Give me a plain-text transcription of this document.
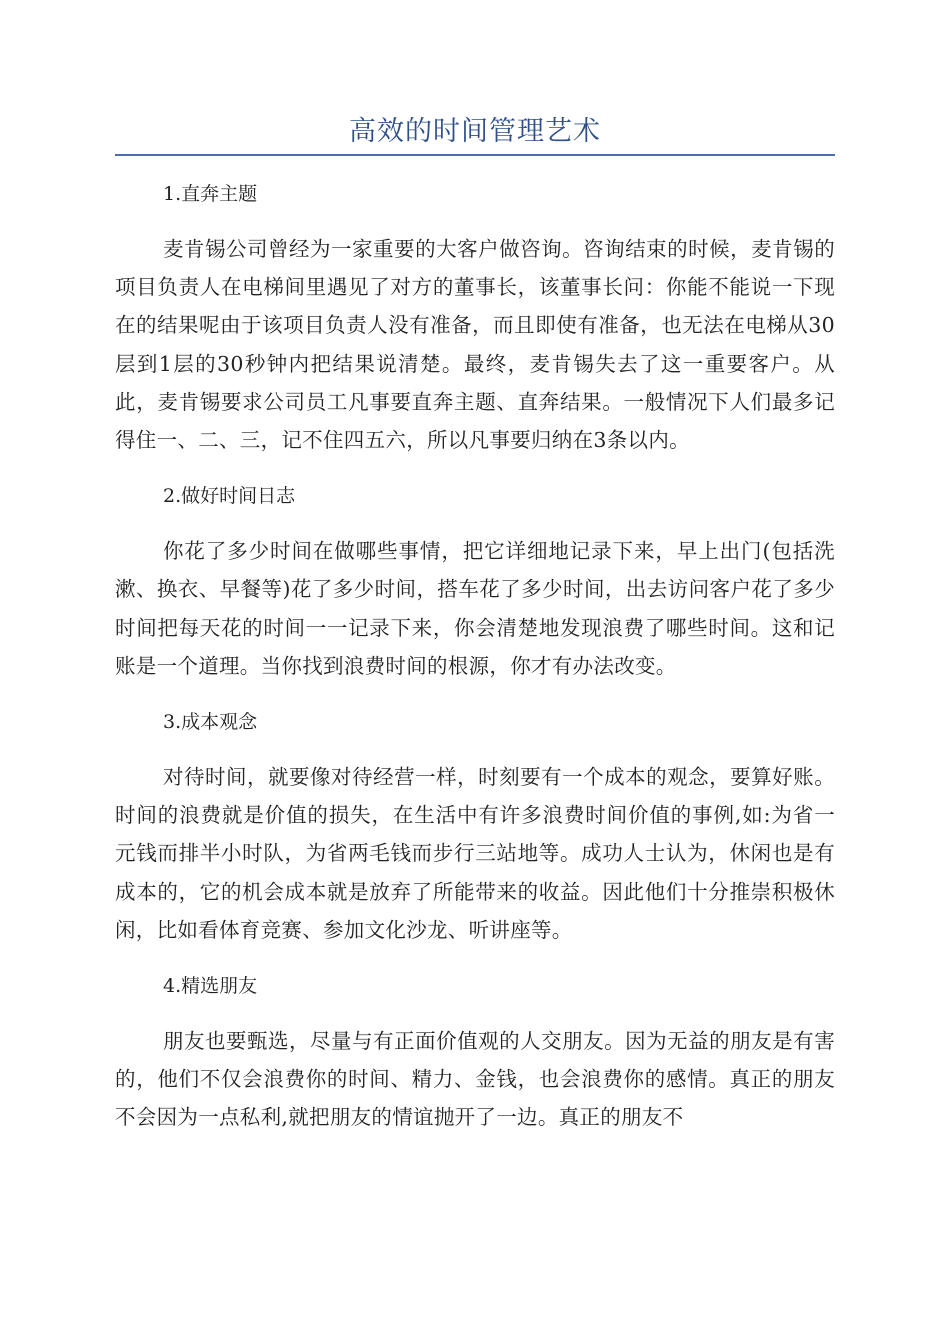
高效的时间管理艺术

1.直奔主题

麦肯锡公司曾经为一家重要的大客户做咨询。咨询结束的时候，麦肯锡的项目负责人在电梯间里遇见了对方的董事长，该董事长问：你能不能说一下现在的结果呢由于该项目负责人没有准备，而且即使有准备，也无法在电梯从30层到1层的30秒钟内把结果说清楚。最终，麦肯锡失去了这一重要客户。从此，麦肯锡要求公司员工凡事要直奔主题、直奔结果。一般情况下人们最多记得住一、二、三，记不住四五六，所以凡事要归纳在3条以内。

2.做好时间日志

你花了多少时间在做哪些事情，把它详细地记录下来，早上出门(包括洗漱、换衣、早餐等)花了多少时间，搭车花了多少时间，出去访问客户花了多少时间把每天花的时间一一记录下来，你会清楚地发现浪费了哪些时间。这和记账是一个道理。当你找到浪费时间的根源，你才有办法改变。

3.成本观念

对待时间，就要像对待经营一样，时刻要有一个成本的观念，要算好账。时间的浪费就是价值的损失，在生活中有许多浪费时间价值的事例,如:为省一元钱而排半小时队，为省两毛钱而步行三站地等。成功人士认为，休闲也是有成本的，它的机会成本就是放弃了所能带来的收益。因此他们十分推崇积极休闲，比如看体育竞赛、参加文化沙龙、听讲座等。

4.精选朋友

朋友也要甄选，尽量与有正面价值观的人交朋友。因为无益的朋友是有害的，他们不仅会浪费你的时间、精力、金钱，也会浪费你的感情。真正的朋友不会因为一点私利,就把朋友的情谊抛开了一边。真正的朋友不
